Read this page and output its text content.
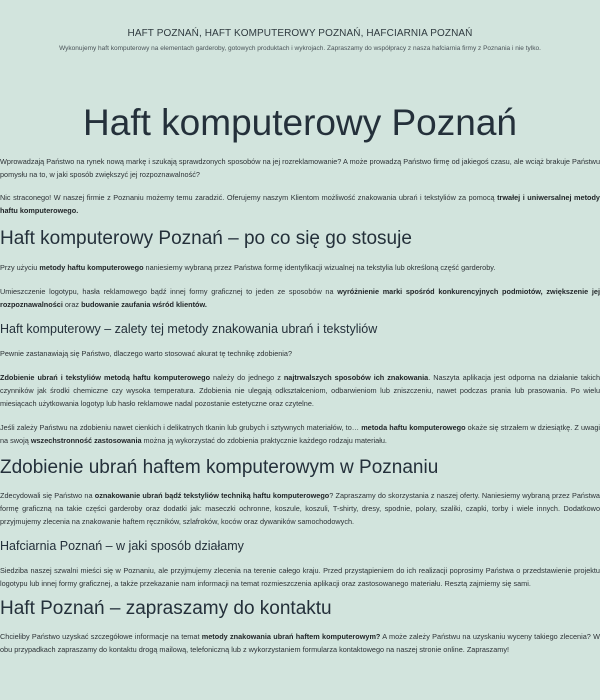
HAFT POZNAŃ, HAFT KOMPUTEROWY POZNAŃ, HAFCIARNIA POZNAŃ

Wykonujemy haft komputerowy na elementach garderoby, gotowych produktach i wykrojach. Zapraszamy do współpracy z nasza hafciarnia firmy z Poznania i nie tylko.

Haft komputerowy Poznań

Wprowadzają Państwo na rynek nową markę i szukają sprawdzonych sposobów na jej rozreklamowanie? A może prowadzą Państwo firmę od jakiegoś czasu, ale wciąż brakuje Państwu pomysłu na to, w jaki sposób zwiększyć jej rozpoznawalność?

Nic straconego! W naszej firmie z Poznaniu możemy temu zaradzić. Oferujemy naszym Klientom możliwość znakowania ubrań i tekstyliów za pomocą trwałej i uniwersalnej metody haftu komputerowego.

Haft komputerowy Poznań – po co się go stosuje

Przy użyciu metody haftu komputerowego naniesiemy wybraną przez Państwa formę identyfikacji wizualnej na tekstylia lub określoną część garderoby.

Umieszczenie logotypu, hasła reklamowego bądź innej formy graficznej to jeden ze sposobów na wyróżnienie marki spośród konkurencyjnych podmiotów, zwiększenie jej rozpoznawalności oraz budowanie zaufania wśród klientów.

Haft komputerowy – zalety tej metody znakowania ubrań i tekstyliów

Pewnie zastanawiają się Państwo, dlaczego warto stosować akurat tę technikę zdobienia?

Zdobienie ubrań i tekstyliów metodą haftu komputerowego należy do jednego z najtrwalszych sposobów ich znakowania. Naszyta aplikacja jest odporna na działanie takich czynników jak środki chemiczne czy wysoka temperatura. Zdobienia nie ulegają odkształceniom, odbarwieniom lub zniszczeniu, nawet podczas prania lub prasowania. Po wielu miesiącach użytkowania logotyp lub hasło reklamowe nadal pozostanie estetyczne oraz czytelne.

Jeśli zależy Państwu na zdobieniu nawet cienkich i delikatnych tkanin lub grubych i sztywnych materiałów, to… metoda haftu komputerowego okaże się strzałem w dziesiątkę. Z uwagi na swoją wszechstronność zastosowania można ją wykorzystać do zdobienia praktycznie każdego rodzaju materiału.

Zdobienie ubrań haftem komputerowym w Poznaniu

Zdecydowali się Państwo na oznakowanie ubrań bądź tekstyliów techniką haftu komputerowego? Zapraszamy do skorzystania z naszej oferty. Naniesiemy wybraną przez Państwa formę graficzną na takie części garderoby oraz dodatki jak: maseczki ochronne, koszule, koszuli, T-shirty, dresy, spodnie, polary, szaliki, czapki, torby i wiele innych. Dodatkowo przyjmujemy zlecenia na znakowanie haftem ręczników, szlafroków, koców oraz dywaników samochodowych.

Hafciarnia Poznań – w jaki sposób działamy

Siedziba naszej szwalni mieści się w Poznaniu, ale przyjmujemy zlecenia na terenie całego kraju. Przed przystąpieniem do ich realizacji poprosimy Państwa o przedstawienie projektu logotypu lub innej formy graficznej, a także przekazanie nam informacji na temat rozmieszczenia aplikacji oraz zastosowanego materiału. Resztą zajmiemy się sami.

Haft Poznań – zapraszamy do kontaktu

Chcieliby Państwo uzyskać szczegółowe informacje na temat metody znakowania ubrań haftem komputerowym? A może zależy Państwu na uzyskaniu wyceny takiego zlecenia? W obu przypadkach zapraszamy do kontaktu drogą mailową, telefoniczną lub z wykorzystaniem formularza kontaktowego na naszej stronie online. Zapraszamy!
